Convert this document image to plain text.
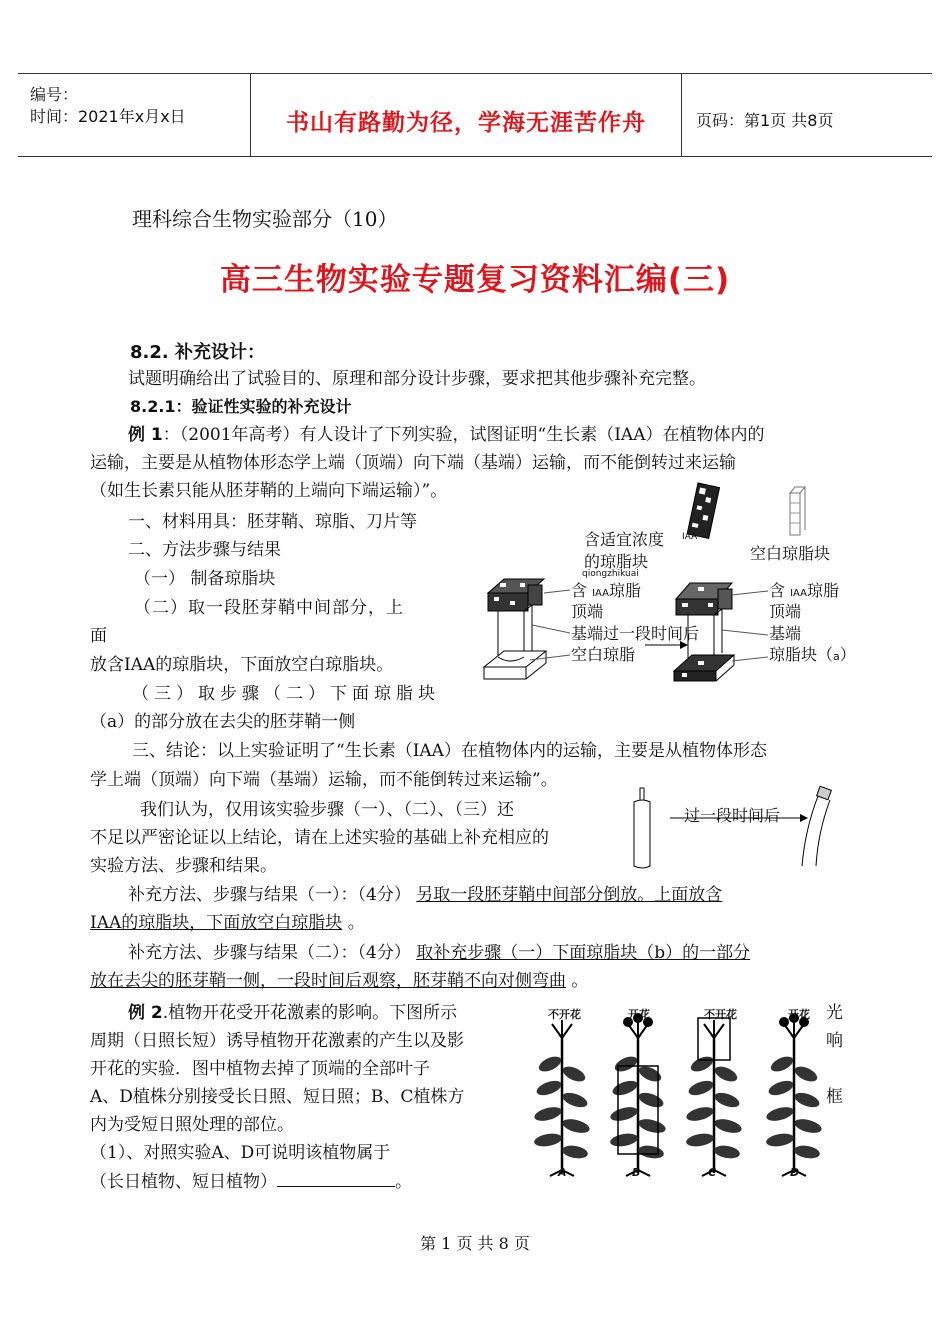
编号：
时间：2021年x月x日	书山有路勤为径，学海无涯苦作舟	页码：第1页 共8页
理科综合生物实验部分（10）
高三生物实验专题复习资料汇编(三)
8.2. 补充设计：
试题明确给出了试验目的、原理和部分设计步骤，要求把其他步骤补充完整。
8.2.1：验证性实验的补充设计
例 1：（2001年高考）有人设计了下列实验，试图证明“生长素（IAA）在植物体内的
运输，主要是从植物体形态学上端（顶端）向下端（基端）运输，而不能倒转过来运输
（如生长素只能从胚芽鞘的上端向下端运输）”。
一、材料用具：胚芽鞘、琼脂、刀片等
二、方法步骤与结果
（一） 制备琼脂块
（二）取一段胚芽鞘中间部分，上
面
放含IAA的琼脂块，下面放空白琼脂块。
（三）取步骤（二）下面琼脂块
（a）的部分放在去尖的胚芽鞘一侧
IAA
含适宜浓度
的琼脂块
qiongzhikuai
空白琼脂块
含 IAA琼脂
顶端
基端过一段时间后
空白琼脂
含 IAA琼脂
顶端
基端
琼脂块（a）
三、结论：以上实验证明了“生长素（IAA）在植物体内的运输，主要是从植物体形态
学上端（顶端）向下端（基端）运输，而不能倒转过来运输”。
我们认为，仅用该实验步骤（一）、（二）、（三）还
不足以严密论证以上结论，请在上述实验的基础上补充相应的
实验方法、步骤和结果。
过一段时间后
补充方法、步骤与结果（一）：（4分） 另取一段胚芽鞘中间部分倒放。上面放含
IAA的琼脂块，下面放空白琼脂块 。
补充方法、步骤与结果（二）：（4分） 取补充步骤（一）下面琼脂块（b）的一部分
放在去尖的胚芽鞘一侧，一段时间后观察，胚芽鞘不向对侧弯曲 。
例 2.植物开花受开花激素的影响。下图所示
周期（日照长短）诱导植物开花激素的产生以及影
开花的实验．图中植物去掉了顶端的全部叶子
A、D植株分别接受长日照、短日照；B、C植株方
内为受短日照处理的部位。
（1）、对照实验A、D可说明该植物属于
（长日植物、短日植物）	。
光
响
框
不开花	开花	不开花	开花
A	B	C	D
第 1 页 共 8 页
